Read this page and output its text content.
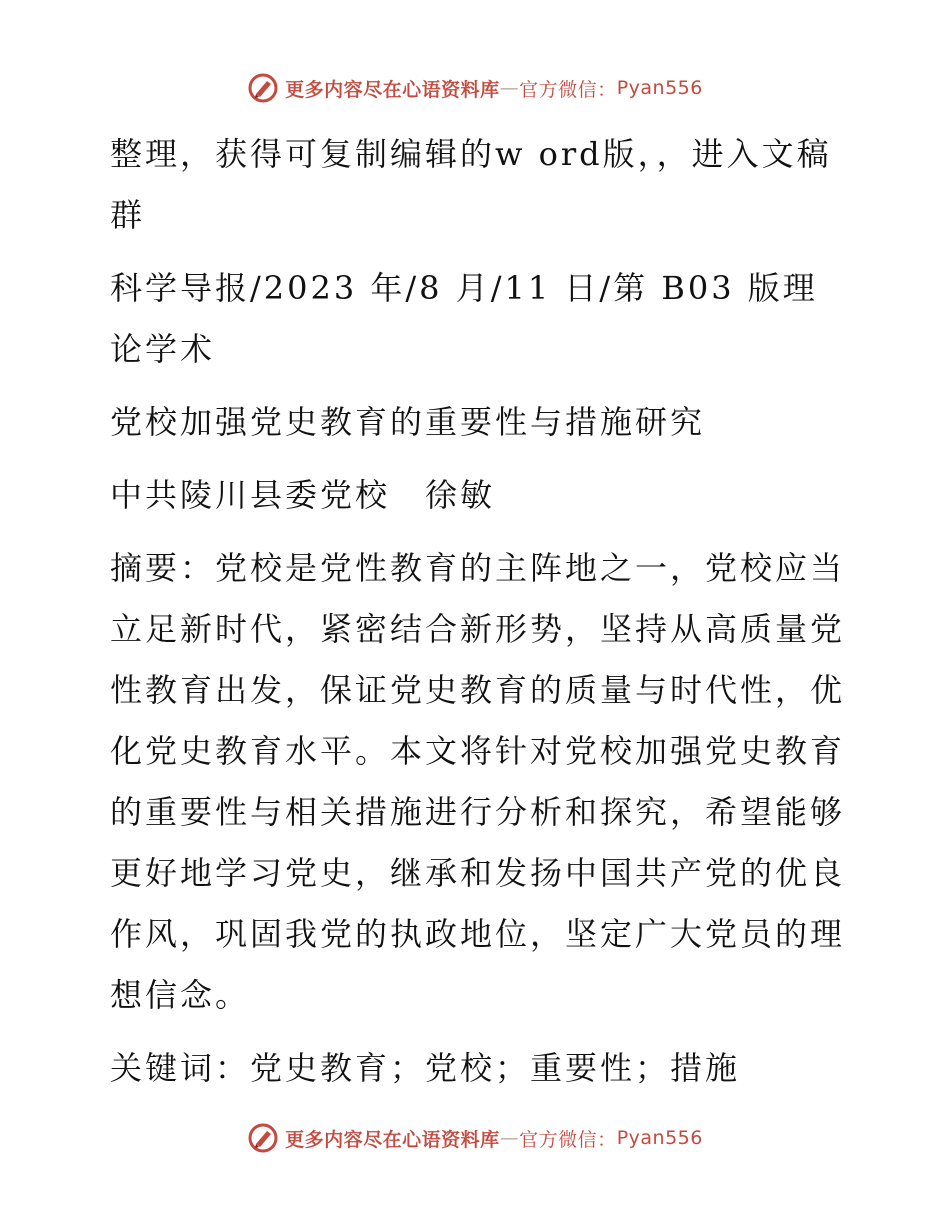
更多内容尽在心语资料库 — 官方微信： Pyan556

整理，获得可复制编辑的w ord版，，进入文稿群

科学导报/2023 年/8 月/11 日/第 B03 版理论学术

党校加强党史教育的重要性与措施研究

中共陵川县委党校　徐敏

摘要：党校是党性教育的主阵地之一，党校应当立足新时代，紧密结合新形势，坚持从高质量党性教育出发，保证党史教育的质量与时代性，优化党史教育水平。本文将针对党校加强党史教育的重要性与相关措施进行分析和探究，希望能够更好地学习党史，继承和发扬中国共产党的优良作风，巩固我党的执政地位，坚定广大党员的理想信念。

关键词：党史教育；党校；重要性；措施

更多内容尽在心语资料库 — 官方微信： Pyan556
